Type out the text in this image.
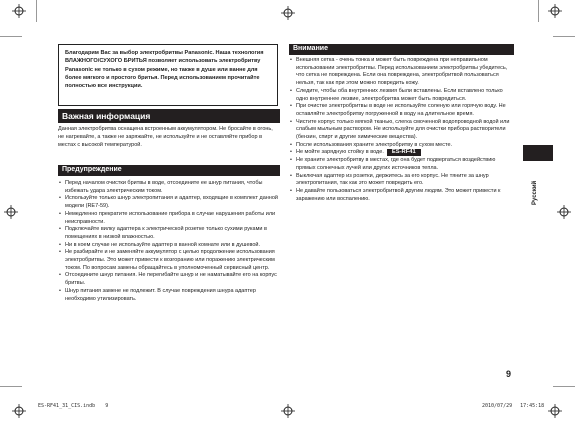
Благодарим Вас за выбор электробритвы Panasonic. Наша технология ВЛАЖНОГО/СУХОГО БРИТЬЯ позволяет использовать электробритву Panasonic не только в сухом режиме, но также в душе или ванне для более мягкого и простого бритья. Перед использованием прочитайте полностью все инструкции.
Важная информация
Данная электробритва оснащена встроенным аккумулятором. Не бросайте в огонь, не нагревайте, а также не заряжайте, не используйте и не оставляйте прибор в местах с высокой температурой.
Предупреждение
• Перед началом очистки бритвы в воде, отсоедините ее шнур питания, чтобы избежать удара электрическим током.
• Используйте только шнур электропитания и адаптер, входящие в комплект данной модели (RE7-59).
• Немедленно прекратите использование прибора в случае нарушения работы или неисправности.
• Подключайте вилку адаптера к электрической розетке только сухими руками в помещениях в низкой влажностью.
• Ни в коем случае не используйте адаптер в ванной комнате или в душевой.
• Не разбирайте и не заменяйте аккумулятор с целью продолжение использования электробритвы. Это может привести к возгоранию или поражению электрическим током. По вопросам замены обращайтесь в уполномоченный сервисный центр.
• Отсоедините шнур питания. Не перегибайте шнур и не наматывайте его на корпус бритвы.
• Шнур питания замене не подлежит. В случае повреждения шнура адаптер необходимо утилизировать.
Внимание
• Внешняя сетка - очень тонка и может быть повреждена при неправильном использовании электробритвы. Перед использованием электробритвы убедитесь, что сетка не повреждена. Если она повреждена, электробритвой пользоваться нельзя, так как при этом можно повредить кожу.
• Следите, чтобы оба внутренних лезвия были вставлены. Если вставлено только одно внутреннее лезвие, электробритва может быть повредиться.
• При очистке электробритвы в воде не используйте соленую или горячую воду. Не оставляйте электробритву погруженной в воду на длительное время.
• Чистите корпус только мягкой тканью, слегка смоченной водопроводной водой или слабым мыльным раствором. Не используйте для очистки прибора растворители (бензин, спирт и другие химические вещества).
• После использования храните электробритву в сухом месте.
• Не мойте зарядную стойку в воде. ES-RF41
• Не храните электробритву в местах, где она будет подвергаться воздействию прямых солнечных лучей или других источников тепла.
• Выключая адаптер из розетки, держитесь за его корпус. Не тяните за шнур электропитания, так как это может повредить его.
• Не давайте пользоваться электробритвой другим людям. Это может привести к заражению или воспалению.	Русский
9
ES-RF41_31_CIS.indb 9	2010/07/29 17:45:18
